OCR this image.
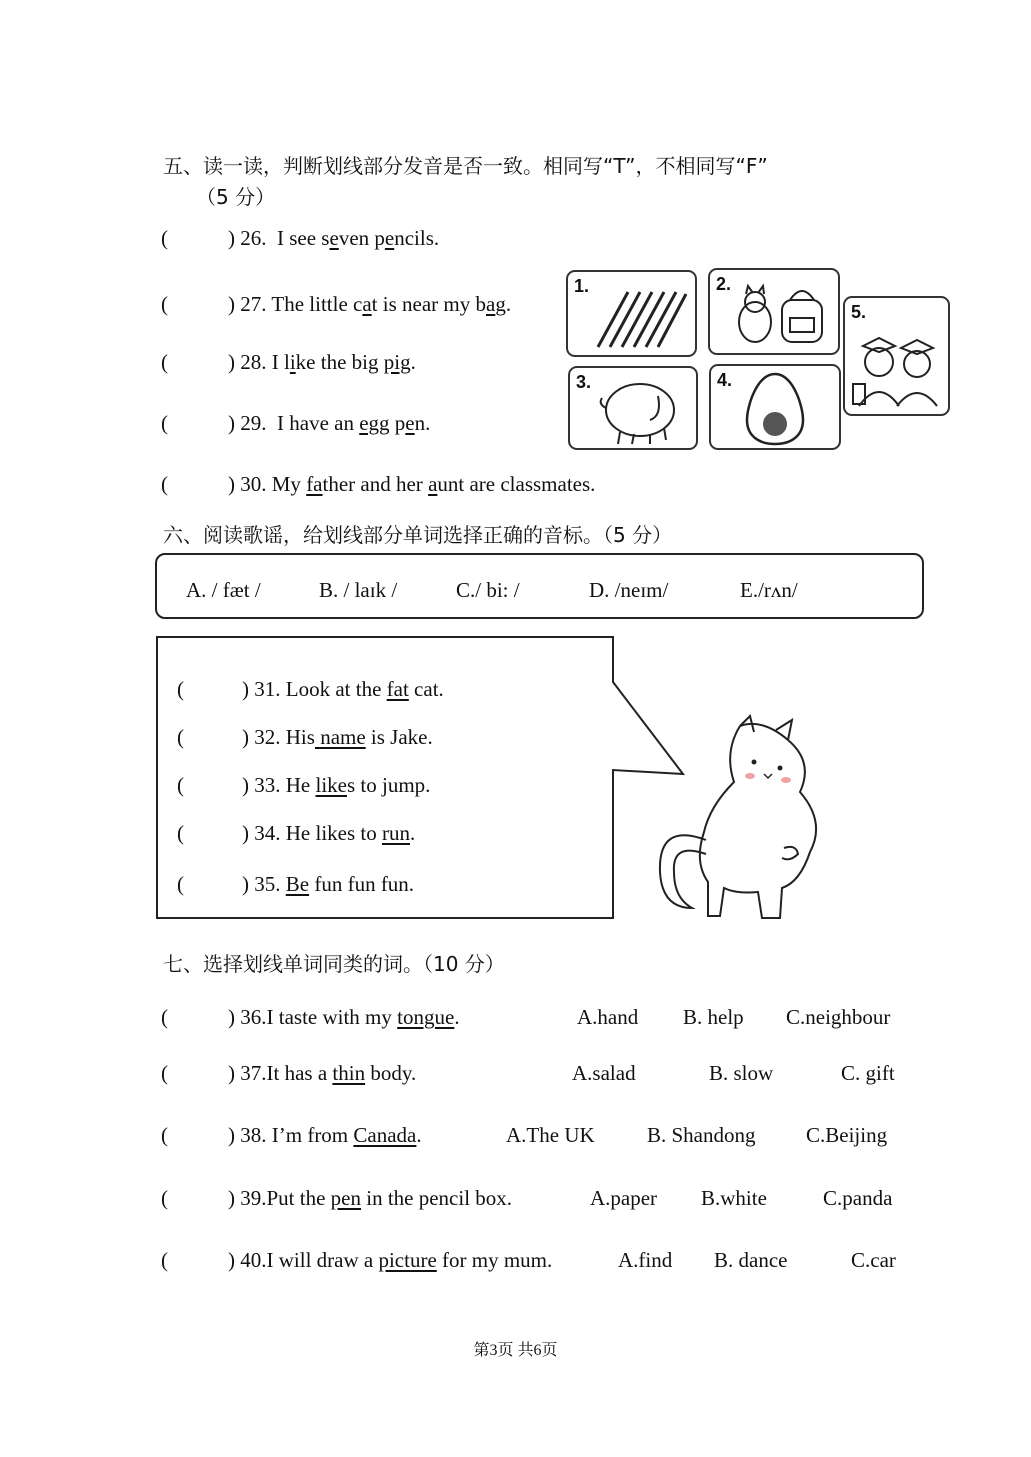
五、读一读，判断划线部分发音是否一致。相同写“T”，不相同写“F”
（5 分）
(	) 26. I see seven pencils.
(	) 27. The little cat is near my bag.
(	) 28. I like the big pig.
(	) 29. I have an egg pen.
(	) 30. My father and her aunt are classmates.
1.	2.
3.	4.
5.
六、阅读歌谣，给划线部分单词选择正确的音标。（5 分）
A. / fæt /	B. / laɪk /	C./ bi: /	D. /neɪm/	E./rʌn/
(	) 31. Look at the fat cat.
(	) 32. His name is Jake.
(	) 33. He likes to jump.
(	) 34. He likes to run.
(	) 35. Be fun fun fun.
七、选择划线单词同类的词。（10 分）
(	) 36.I taste with my tongue.	A.hand B. help C.neighbour
(	) 37.It has a thin body.	A.salad	B. slow	C. gift
(	) 38. I’m from Canada.	A.The UK B. Shandong C.Beijing
(	) 39.Put the pen in the pencil box.	A.paper B.white	C.panda
(	) 40.I will draw a picture for my mum.	A.find B. dance	C.car
第3页 共6页
